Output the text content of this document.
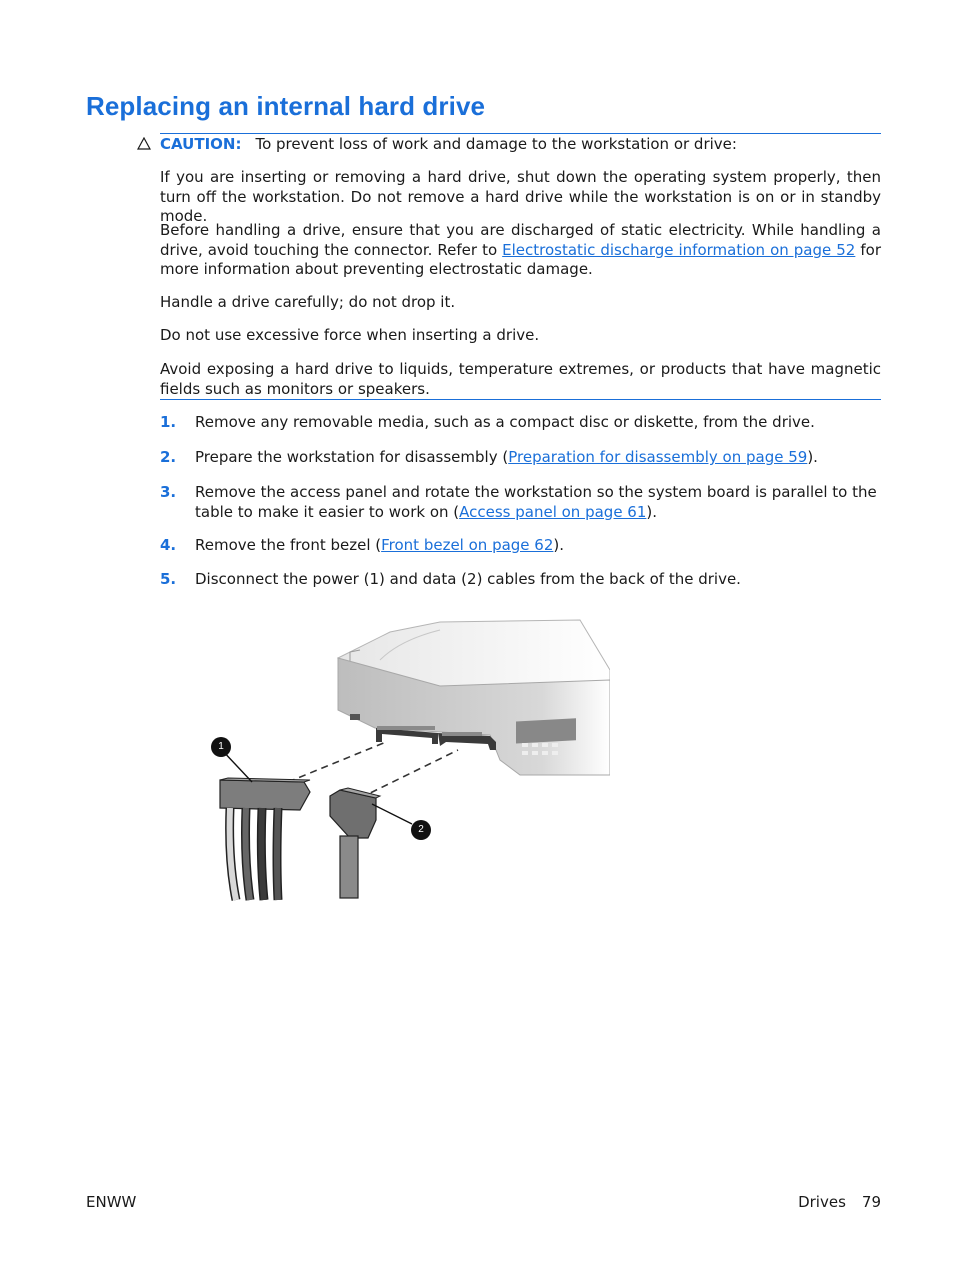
Replacing an internal hard drive
CAUTION: To prevent loss of work and damage to the workstation or drive:
If you are inserting or removing a hard drive, shut down the operating system properly, then turn off the workstation. Do not remove a hard drive while the workstation is on or in standby mode.
Before handling a drive, ensure that you are discharged of static electricity. While handling a drive, avoid touching the connector. Refer to Electrostatic discharge information on page 52 for more information about preventing electrostatic damage.
Handle a drive carefully; do not drop it.
Do not use excessive force when inserting a drive.
Avoid exposing a hard drive to liquids, temperature extremes, or products that have magnetic fields such as monitors or speakers.
1. Remove any removable media, such as a compact disc or diskette, from the drive.
2. Prepare the workstation for disassembly (Preparation for disassembly on page 59).
3. Remove the access panel and rotate the workstation so the system board is parallel to the table to make it easier to work on (Access panel on page 61).
4. Remove the front bezel (Front bezel on page 62).
5. Disconnect the power (1) and data (2) cables from the back of the drive.
1
2
ENWW	Drives 79
